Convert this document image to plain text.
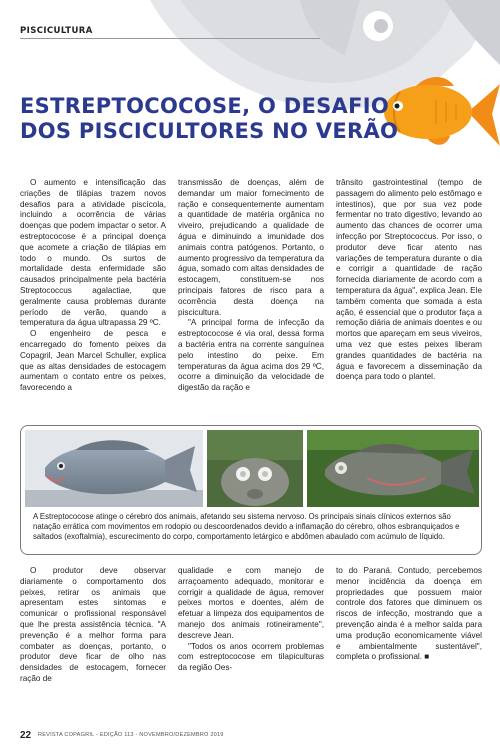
PISCICULTURA
ESTREPTOCOCOSE, O DESAFIO
DOS PISCICULTORES NO VERÃO

O aumento e intensificação das criações de tilápias trazem novos desafios para a atividade piscícola, incluindo a ocorrência de várias doenças que podem impactar o setor. A estreptococose é a principal doença que acomete a criação de tilápias em todo o mundo. Os surtos de mortalidade desta enfermidade são causados principalmente pela bactéria Streptococcus agalactiae, que geralmente causa problemas durante período de verão, quando a temperatura da água ultrapassa 29 ºC.

O engenheiro de pesca e encarregado do fomento peixes da Copagril, Jean Marcel Schuller, explica que as altas densidades de estocagem aumentam o contato entre os peixes, favorecendo a

transmissão de doenças, além de demandar um maior fornecimento de ração e consequentemente aumentam a quantidade de matéria orgânica no viveiro, prejudicando a qualidade de água e diminuindo a imunidade dos animais contra patógenos. Portanto, o aumento progressivo da temperatura da água, somado com altas densidades de estocagem, constituem-se nos principais fatores de risco para a ocorrência desta doença na piscicultura.

"A principal forma de infecção da estreptococose é via oral, dessa forma a bactéria entra na corrente sanguínea pelo intestino do peixe. Em temperaturas da água acima dos 29 ºC, ocorre a diminuição da velocidade de digestão da ração e

trânsito gastrointestinal (tempo de passagem do alimento pelo estômago e intestinos), que por sua vez pode fermentar no trato digestivo, levando ao aumento das chances de ocorrer uma infecção por Streptococcus. Por isso, o produtor deve ficar atento nas variações de temperatura durante o dia e corrigir a quantidade de ração fornecida diariamente de acordo com a temperatura da água", explica Jean. Ele também comenta que somada a esta ação, é essencial que o produtor faça a remoção diária de animais doentes e ou mortos que apareçam em seus viveiros, uma vez que estes peixes liberam grandes quantidades de bactéria na água e favorecem a disseminação da doença para todo o plantel.

A Estreptococose atinge o cérebro dos animais, afetando seu sistema nervoso. Os principais sinais clínicos externos são natação errática com movimentos em rodopio ou descoordenados devido a inflamação do cérebro, olhos esbranquiçados e saltados (exoftalmia), escurecimento do corpo, comportamento letárgico e abdômen abaulado com acúmulo de líquido.

O produtor deve observar diariamente o comportamento dos peixes, retirar os animais que apresentam estes sintomas e comunicar o profissional responsável que lhe presta assistência técnica. "A prevenção é a melhor forma para combater as doenças, portanto, o produtor deve ficar de olho nas densidades de estocagem, fornecer ração de

qualidade e com manejo de arraçoamento adequado, monitorar e corrigir a qualidade de água, remover peixes mortos e doentes, além de efetuar a limpeza dos equipamentos de manejo dos animais rotineiramente", descreve Jean.

"Todos os anos ocorrem problemas com estreptococose em tilapiculturas da região Oes-

to do Paraná. Contudo, percebemos menor incidência da doença em propriedades que possuem maior controle dos fatores que diminuem os riscos de infecção, mostrando que a prevenção ainda é a melhor saída para uma produção economicamente viável e ambientalmente sustentável", completa o profissional. ■

22 REVISTA COPAGRIL - EDIÇÃO 113 - NOVEMBRO/DEZEMBRO 2019
